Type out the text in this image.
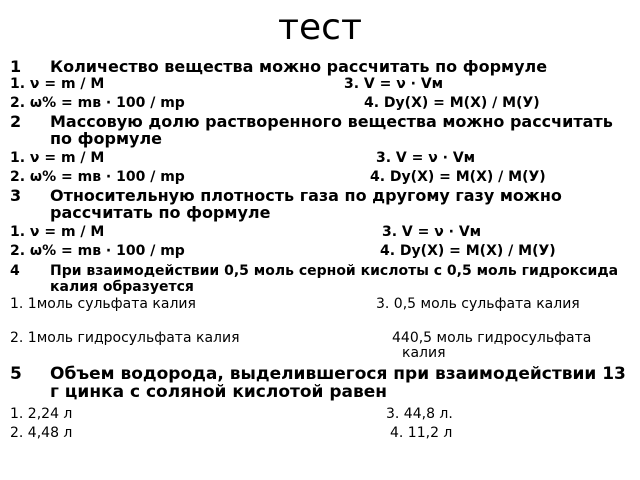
тест
1 Количество вещества можно рассчитать по формуле
1. ν = m / M	3. V = ν · Vм
2. ω% = mв · 100 / mр	4. Dy(X) = M(X) / M(У)
2 Массовую долю растворенного вещества можно рассчитать по формуле
1. ν = m / M	3. V = ν · Vм
2. ω% = mв · 100 / mр	4. Dy(X) = M(X) / M(У)
3 Относительную плотность газа по другому газу можно рассчитать по формуле
1. ν = m / M	3. V = ν · Vм
2. ω% = mв · 100 / mр	4. Dy(X) = M(X) / M(У)
4 При взаимодействии 0,5 моль серной кислоты с 0,5 моль гидроксида калия образуется
1. 1моль сульфата калия	3. 0,5 моль сульфата калия
2. 1моль гидросульфата калия	440,5 моль гидросульфата калия
5 Объем водорода, выделившегося при взаимодействии 13 г цинка с соляной кислотой равен
1. 2,24 л	3. 44,8 л.
2. 4,48 л	4. 11,2 л
